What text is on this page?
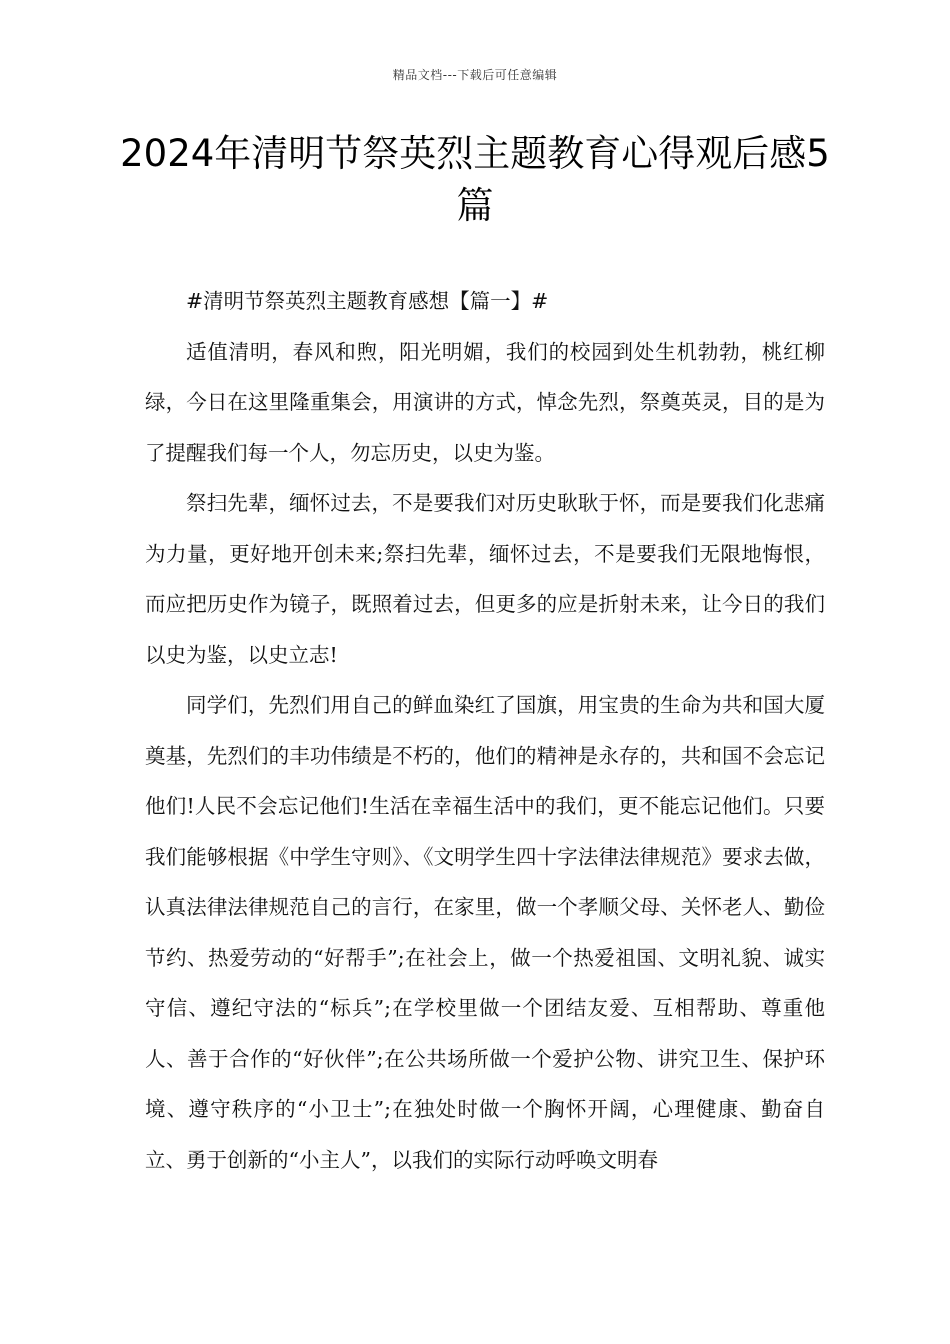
精品文档---下载后可任意编辑
2024年清明节祭英烈主题教育心得观后感5篇

#清明节祭英烈主题教育感想【篇一】#

适值清明，春风和煦，阳光明媚，我们的校园到处生机勃勃，桃红柳绿，今日在这里隆重集会，用演讲的方式，悼念先烈，祭奠英灵，目的是为了提醒我们每一个人，勿忘历史，以史为鉴。

祭扫先辈，缅怀过去，不是要我们对历史耿耿于怀，而是要我们化悲痛为力量，更好地开创未来;祭扫先辈，缅怀过去，不是要我们无限地悔恨，而应把历史作为镜子，既照着过去，但更多的应是折射未来，让今日的我们以史为鉴，以史立志!

同学们，先烈们用自己的鲜血染红了国旗，用宝贵的生命为共和国大厦奠基，先烈们的丰功伟绩是不朽的，他们的精神是永存的，共和国不会忘记他们!人民不会忘记他们!生活在幸福生活中的我们，更不能忘记他们。只要我们能够根据《中学生守则》、《文明学生四十字法律法律规范》要求去做，认真法律法律规范自己的言行，在家里，做一个孝顺父母、关怀老人、勤俭节约、热爱劳动的“好帮手”;在社会上，做一个热爱祖国、文明礼貌、诚实守信、遵纪守法的“标兵”;在学校里做一个团结友爱、互相帮助、尊重他人、善于合作的“好伙伴”;在公共场所做一个爱护公物、讲究卫生、保护环境、遵守秩序的“小卫士”;在独处时做一个胸怀开阔，心理健康、勤奋自立、勇于创新的“小主人”，以我们的实际行动呼唤文明春
